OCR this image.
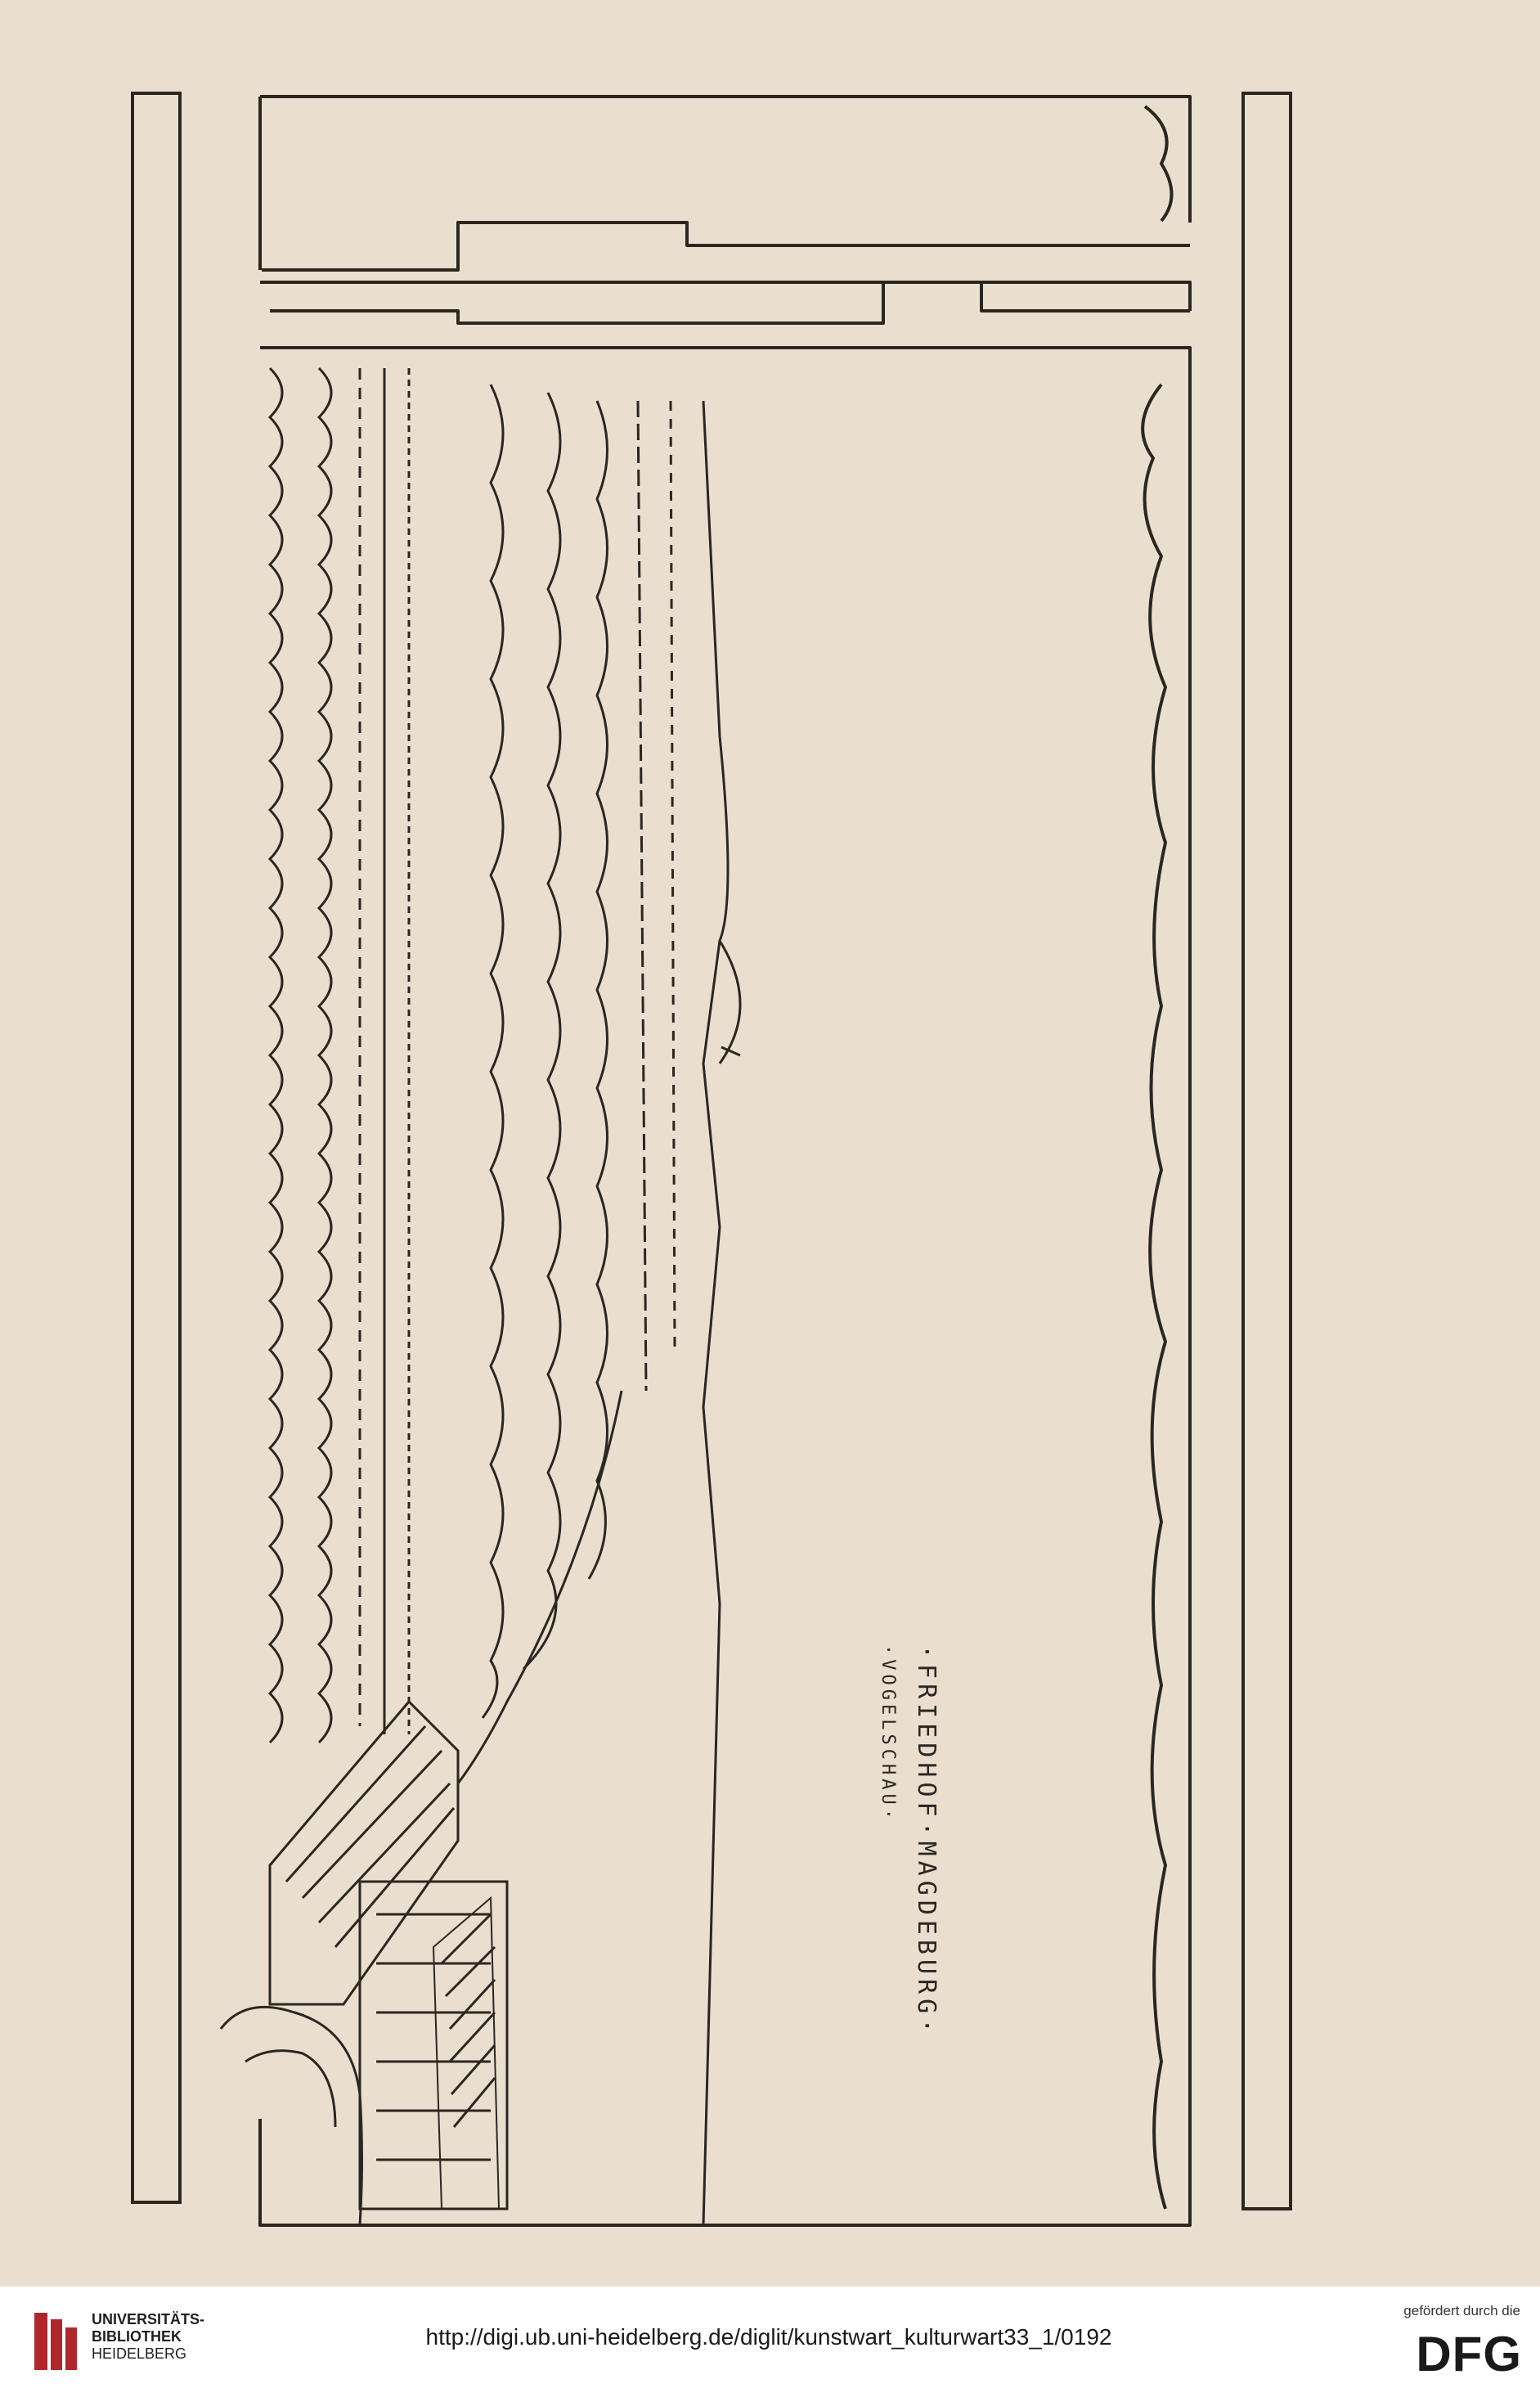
·FRIEDHOF·MAGDEBURG·
·VOGELSCHAU·
UNIVERSITÄTS-
BIBLIOTHEK
HEIDELBERG
http://digi.ub.uni-heidelberg.de/diglit/kunstwart_kulturwart33_1/0192
gefördert durch die
DFG
